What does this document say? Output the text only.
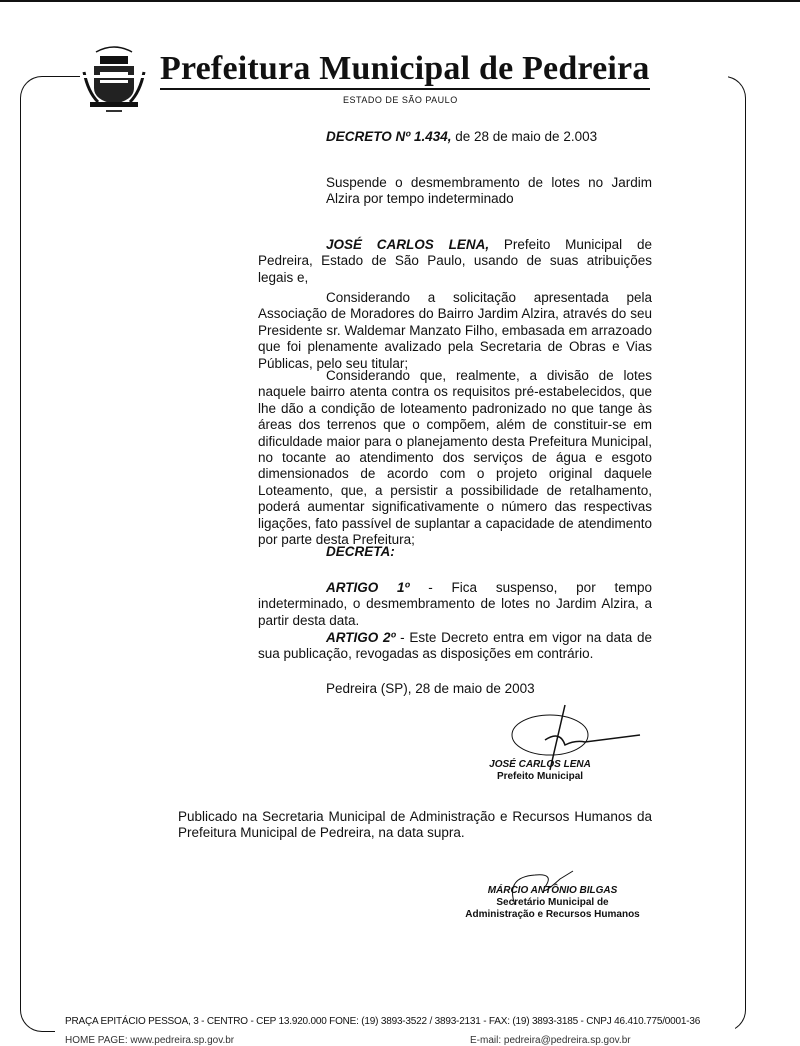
Prefeitura Municipal de Pedreira
ESTADO DE SÃO PAULO
DECRETO Nº 1.434, de 28 de maio de 2.003
Suspende o desmembramento de lotes no Jardim Alzira por tempo indeterminado
JOSÉ CARLOS LENA, Prefeito Municipal de Pedreira, Estado de São Paulo, usando de suas atribuições legais e,
Considerando a solicitação apresentada pela Associação de Moradores do Bairro Jardim Alzira, através do seu Presidente sr. Waldemar Manzato Filho, embasada em arrazoado que foi plenamente avalizado pela Secretaria de Obras e Vias Públicas, pelo seu titular;
Considerando que, realmente, a divisão de lotes naquele bairro atenta contra os requisitos pré-estabelecidos, que lhe dão a condição de loteamento padronizado no que tange às áreas dos terrenos que o compõem, além de constituir-se em dificuldade maior para o planejamento desta Prefeitura Municipal, no tocante ao atendimento dos serviços de água e esgoto dimensionados de acordo com o projeto original daquele Loteamento, que, a persistir a possibilidade de retalhamento, poderá aumentar significativamente o número das respectivas ligações, fato passível de suplantar a capacidade de atendimento por parte desta Prefeitura;
DECRETA:
ARTIGO 1º - Fica suspenso, por tempo indeterminado, o desmembramento de lotes no Jardim Alzira, a partir desta data.
ARTIGO 2º - Este Decreto entra em vigor na data de sua publicação, revogadas as disposições em contrário.
Pedreira (SP), 28 de maio de 2003
JOSÉ CARLOS LENA
Prefeito Municipal
Publicado na Secretaria Municipal de Administração e Recursos Humanos da Prefeitura Municipal de Pedreira, na data supra.
MÁRCIO ANTÔNIO BILGAS
Secretário Municipal de
Administração e Recursos Humanos
PRAÇA EPITÁCIO PESSOA, 3 - CENTRO - CEP 13.920.000 FONE: (19) 3893-3522 / 3893-2131 - FAX: (19) 3893-3185 - CNPJ 46.410.775/0001-36
HOME PAGE: www.pedreira.sp.gov.br	E-mail: pedreira@pedreira.sp.gov.br
